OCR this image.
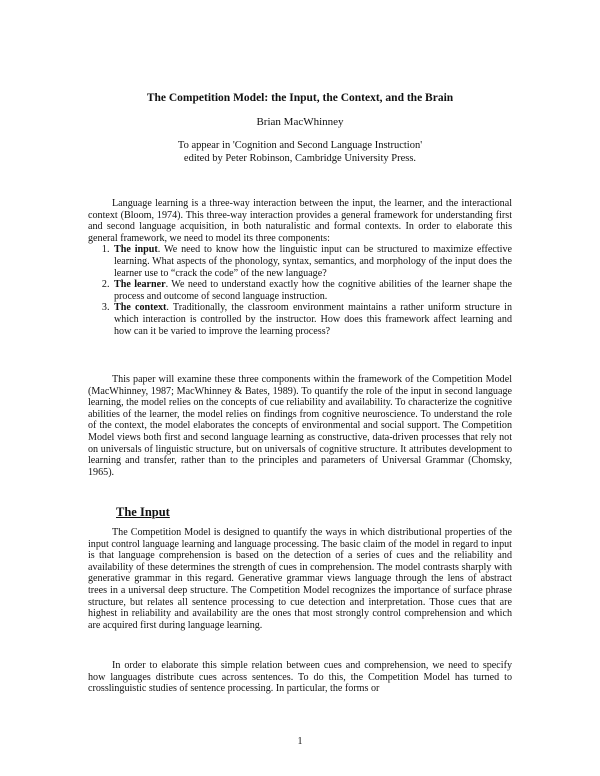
The Competition Model: the Input, the Context, and the Brain
Brian MacWhinney
To appear in 'Cognition and Second Language Instruction'
edited by Peter Robinson, Cambridge University Press.

Language learning is a three-way interaction between the input, the learner, and the interactional context (Bloom, 1974). This three-way interaction provides a general framework for understanding first and second language acquisition, in both naturalistic and formal contexts. In order to elaborate this general framework, we need to model its three components:

1. The input. We need to know how the linguistic input can be structured to maximize effective learning. What aspects of the phonology, syntax, semantics, and morphology of the input does the learner use to “crack the code” of the new language?
2. The learner. We need to understand exactly how the cognitive abilities of the learner shape the process and outcome of second language instruction.
3. The context. Traditionally, the classroom environment maintains a rather uniform structure in which interaction is controlled by the instructor. How does this framework affect learning and how can it be varied to improve the learning process?

This paper will examine these three components within the framework of the Competition Model (MacWhinney, 1987; MacWhinney & Bates, 1989). To quantify the role of the input in second language learning, the model relies on the concepts of cue reliability and availability. To characterize the cognitive abilities of the learner, the model relies on findings from cognitive neuroscience. To understand the role of the context, the model elaborates the concepts of environmental and social support. The Competition Model views both first and second language learning as constructive, data-driven processes that rely not on universals of linguistic structure, but on universals of cognitive structure. It attributes development to learning and transfer, rather than to the principles and parameters of Universal Grammar (Chomsky, 1965).

The Input

The Competition Model is designed to quantify the ways in which distributional properties of the input control language learning and language processing. The basic claim of the model in regard to input is that language comprehension is based on the detection of a series of cues and the reliability and availability of these determines the strength of cues in comprehension. The model contrasts sharply with generative grammar in this regard. Generative grammar views language through the lens of abstract trees in a universal deep structure. The Competition Model recognizes the importance of surface phrase structure, but relates all sentence processing to cue detection and interpretation. Those cues that are highest in reliability and availability are the ones that most strongly control comprehension and which are acquired first during language learning.

In order to elaborate this simple relation between cues and comprehension, we need to specify how languages distribute cues across sentences. To do this, the Competition Model has turned to crosslinguistic studies of sentence processing. In particular, the forms or

1
